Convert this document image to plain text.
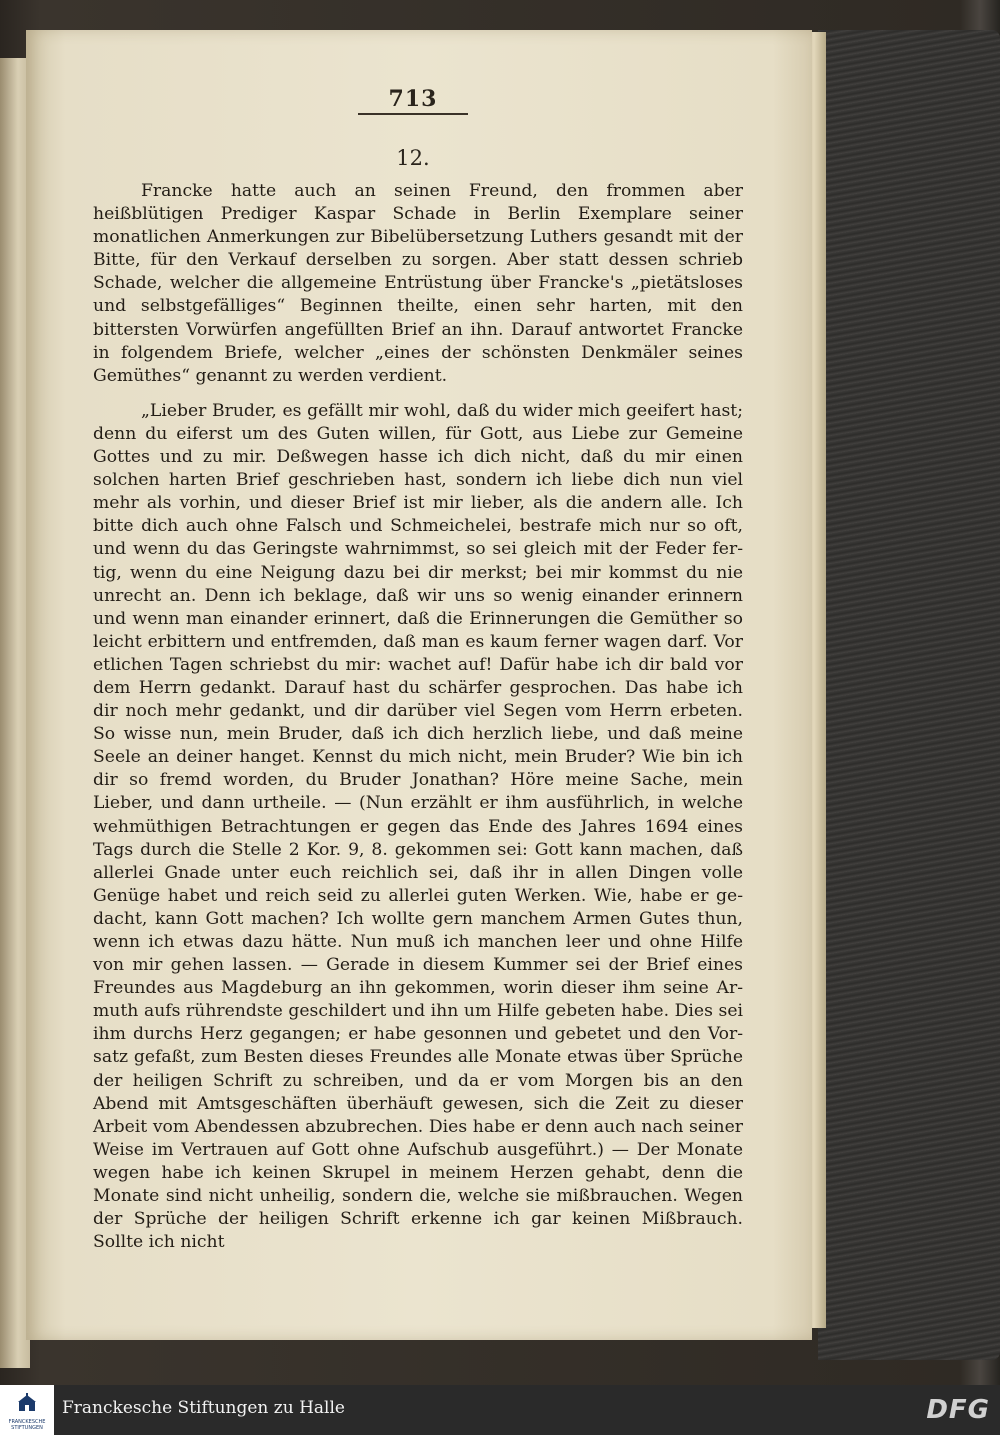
713
12.

Francke hatte auch an seinen Freund, den frommen aber heißblütigen Prediger Kaspar Schade in Berlin Exemplare seiner monatlichen Anmerkungen zur Bibelübersetzung Luthers gesandt mit der Bitte, für den Verkauf derselben zu sorgen. Aber statt dessen schrieb Schade, welcher die allgemeine Entrüstung über Francke's „pietätsloses und selbstgefälliges“ Beginnen theilte, einen sehr harten, mit den bittersten Vorwürfen angefüllten Brief an ihn. Darauf antwortet Francke in folgendem Briefe, welcher „eines der schönsten Denkmäler seines Gemüthes“ genannt zu werden verdient.

„Lieber Bruder, es gefällt mir wohl, daß du wider mich geeifert hast; denn du eiferst um des Guten willen, für Gott, aus Liebe zur Gemeine Gottes und zu mir. Deßwegen hasse ich dich nicht, daß du mir einen solchen harten Brief geschrieben hast, sondern ich liebe dich nun viel mehr als vorhin, und dieser Brief ist mir lieber, als die andern alle. Ich bitte dich auch ohne Falsch und Schmeichelei, bestrafe mich nur so oft, und wenn du das Geringste wahrnimmst, so sei gleich mit der Feder fertig, wenn du eine Neigung dazu bei dir merkst; bei mir kommst du nie unrecht an. Denn ich beklage, daß wir uns so wenig einander erinnern und wenn man einander erinnert, daß die Erinnerungen die Gemüther so leicht erbittern und entfremden, daß man es kaum ferner wagen darf. Vor etlichen Tagen schriebst du mir: wachet auf! Dafür habe ich dir bald vor dem Herrn gedankt. Darauf hast du schärfer gesprochen. Das habe ich dir noch mehr gedankt, und dir darüber viel Segen vom Herrn erbeten. So wisse nun, mein Bruder, daß ich dich herzlich liebe, und daß meine Seele an deiner hanget. Kennst du mich nicht, mein Bruder? Wie bin ich dir so fremd worden, du Bruder Jonathan? Höre meine Sache, mein Lieber, und dann urtheile. — (Nun erzählt er ihm ausführlich, in welche wehmüthigen Betrachtungen er gegen das Ende des Jahres 1694 eines Tags durch die Stelle 2 Kor. 9, 8. gekommen sei: Gott kann machen, daß allerlei Gnade unter euch reichlich sei, daß ihr in allen Dingen volle Genüge habet und reich seid zu allerlei guten Werken. Wie, habe er gedacht, kann Gott machen? Ich wollte gern manchem Armen Gutes thun, wenn ich etwas dazu hätte. Nun muß ich manchen leer und ohne Hilfe von mir gehen lassen. — Gerade in diesem Kummer sei der Brief eines Freundes aus Magdeburg an ihn gekommen, worin dieser ihm seine Armuth aufs rührendste geschildert und ihn um Hilfe gebeten habe. Dies sei ihm durchs Herz gegangen; er habe gesonnen und gebetet und den Vorsatz gefaßt, zum Besten dieses Freundes alle Monate etwas über Sprüche der heiligen Schrift zu schreiben, und da er vom Morgen bis an den Abend mit Amtsgeschäften überhäuft gewesen, sich die Zeit zu dieser Arbeit vom Abendessen abzubrechen. Dies habe er denn auch nach seiner Weise im Vertrauen auf Gott ohne Aufschub ausgeführt.) — Der Monate wegen habe ich keinen Skrupel in meinem Herzen gehabt, denn die Monate sind nicht unheilig, sondern die, welche sie mißbrauchen. Wegen der Sprüche der heiligen Schrift erkenne ich gar keinen Mißbrauch. Sollte ich nicht

FRANCKESCHE STIFTUNGEN
Franckesche Stiftungen zu Halle	DFG
